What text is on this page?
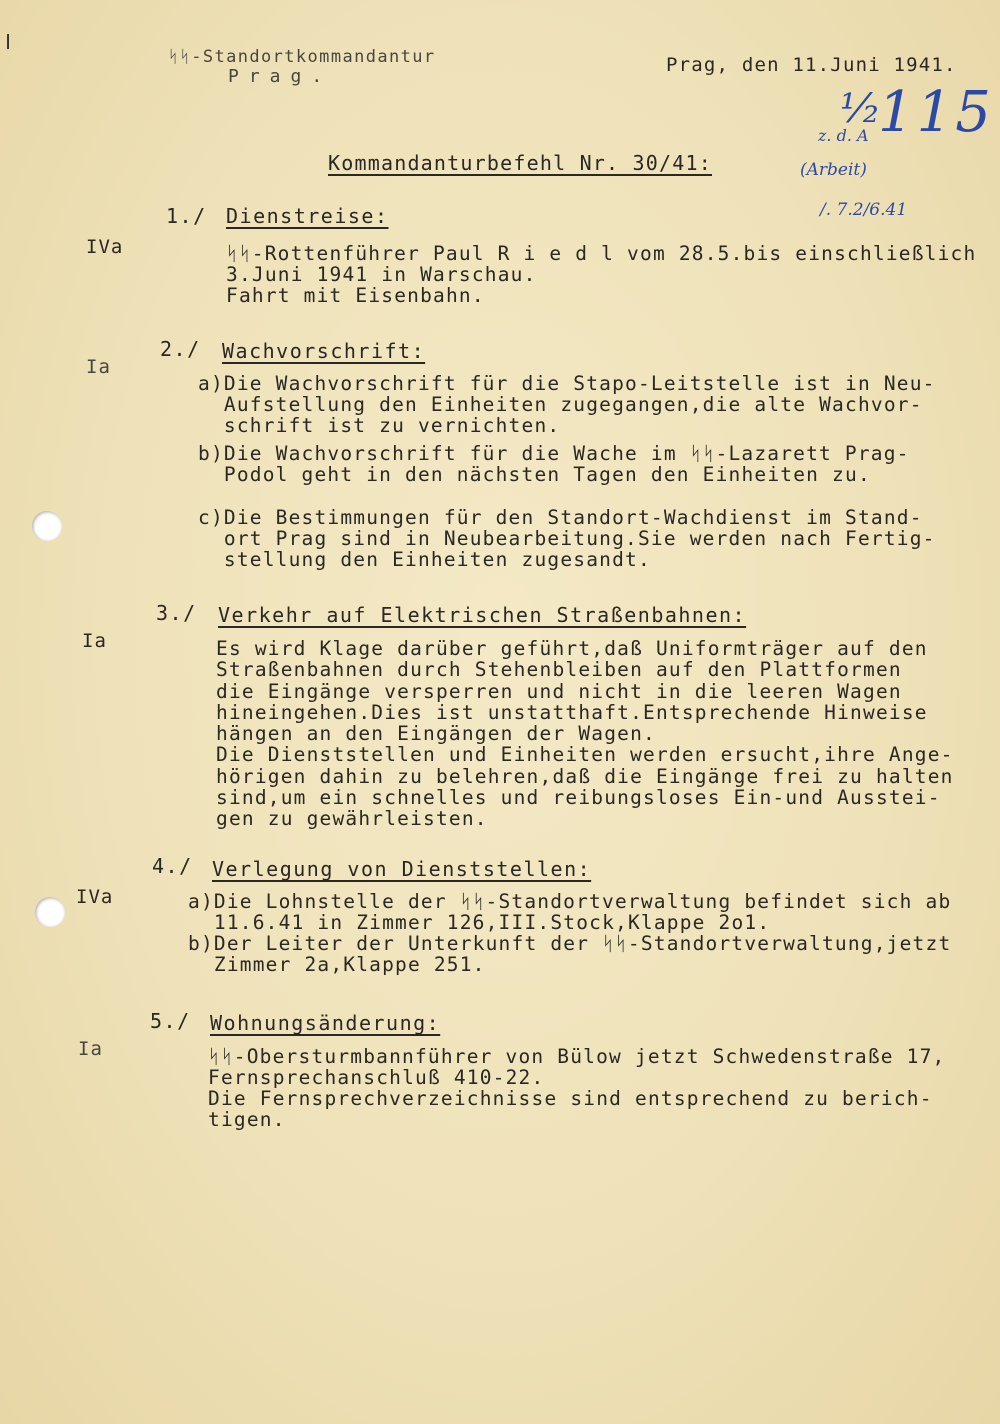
ǀ
ᛋᛋ-Standortkommandantur
Prag.
Prag, den 11.Juni 1941.
⅟₂ 115
z. d. A
(Arbeit)
/. 7.2/6.41
Kommandanturbefehl Nr. 30/41:
1./ Dienstreise:
IVa	ᛋᛋ-Rottenführer Paul R i e d l vom 28.5.bis einschließlich
3.Juni 1941 in Warschau.
Fahrt mit Eisenbahn.
2./ Wachvorschrift:
Ia
a)Die Wachvorschrift für die Stapo-Leitstelle ist in Neu-
Aufstellung den Einheiten zugegangen,die alte Wachvor-
schrift ist zu vernichten.
b)Die Wachvorschrift für die Wache im ᛋᛋ-Lazarett Prag-
Podol geht in den nächsten Tagen den Einheiten zu.
c)Die Bestimmungen für den Standort-Wachdienst im Stand-
ort Prag sind in Neubearbeitung.Sie werden nach Fertig-
stellung den Einheiten zugesandt.
3./ Verkehr auf Elektrischen Straßenbahnen:
Ia	Es wird Klage darüber geführt,daß Uniformträger auf den
Straßenbahnen durch Stehenbleiben auf den Plattformen
die Eingänge versperren und nicht in die leeren Wagen
hineingehen.Dies ist unstatthaft.Entsprechende Hinweise
hängen an den Eingängen der Wagen.
Die Dienststellen und Einheiten werden ersucht,ihre Ange-
hörigen dahin zu belehren,daß die Eingänge frei zu halten
sind,um ein schnelles und reibungsloses Ein-und Ausstei-
gen zu gewährleisten.
4./ Verlegung von Dienststellen:
IVa	a)Die Lohnstelle der ᛋᛋ-Standortverwaltung befindet sich ab
11.6.41 in Zimmer 126,III.Stock,Klappe 2o1.
b)Der Leiter der Unterkunft der ᛋᛋ-Standortverwaltung,jetzt
Zimmer 2a,Klappe 251.
5./ Wohnungsänderung:
Ia	ᛋᛋ-Obersturmbannführer von Bülow jetzt Schwedenstraße 17,
Fernsprechanschluß 410-22.
Die Fernsprechverzeichnisse sind entsprechend zu berich-
tigen.
